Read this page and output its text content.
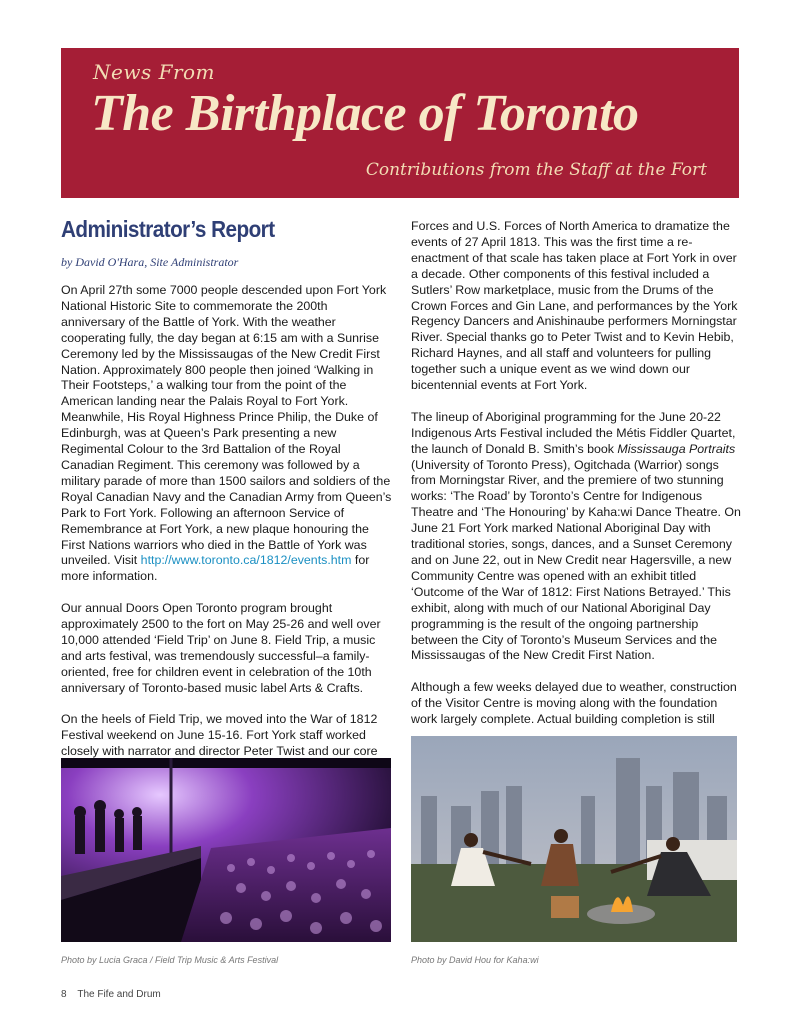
News From
The Birthplace of Toronto
Contributions from the Staff at the Fort
Administrator’s Report
by David O'Hara, Site Administrator

On April 27th some 7000 people descended upon Fort York National Historic Site to commemorate the 200th anniversary of the Battle of York. With the weather cooperating fully, the day began at 6:15 am with a Sunrise Ceremony led by the Mississaugas of the New Credit First Nation. Approximately 800 people then joined ‘Walking in Their Footsteps,’ a walking tour from the point of the American landing near the Palais Royal to Fort York. Meanwhile, His Royal Highness Prince Philip, the Duke of Edinburgh, was at Queen’s Park presenting a new Regimental Colour to the 3rd Battalion of the Royal Canadian Regiment. This ceremony was followed by a military parade of more than 1500 sailors and soldiers of the Royal Canadian Navy and the Canadian Army from Queen’s Park to Fort York. Following an afternoon Service of Remembrance at Fort York, a new plaque honouring the First Nations warriors who died in the Battle of York was unveiled. Visit http://www.toronto.ca/1812/events.htm for more information.

Our annual Doors Open Toronto program brought approximately 2500 to the fort on May 25-26 and well over 10,000 attended ‘Field Trip’ on June 8. Field Trip, a music and arts festival, was tremendously successful–a family-oriented, free for children event in celebration of the 10th anniversary of Toronto-based music label Arts & Crafts.

On the heels of Field Trip, we moved into the War of 1812 Festival weekend on June 15-16. Fort York staff worked closely with narrator and director Peter Twist and our core

Forces and U.S. Forces of North America to dramatize the events of 27 April 1813. This was the first time a re-enactment of that scale has taken place at Fort York in over a decade. Other components of this festival included a Sutlers’ Row marketplace, music from the Drums of the Crown Forces and Gin Lane, and performances by the York Regency Dancers and Anishinaube performers Morningstar River. Special thanks go to Peter Twist and to Kevin Hebib, Richard Haynes, and all staff and volunteers for pulling together such a unique event as we wind down our bicentennial events at Fort York.

The lineup of Aboriginal programming for the June 20-22 Indigenous Arts Festival included the Métis Fiddler Quartet, the launch of Donald B. Smith’s book Mississauga Portraits (University of Toronto Press), Ogitchada (Warrior) songs from Morningstar River, and the premiere of two stunning works: ‘The Road’ by Toronto’s Centre for Indigenous Theatre and ‘The Honouring’ by Kaha:wi Dance Theatre. On June 21 Fort York marked National Aboriginal Day with traditional stories, songs, dances, and a Sunset Ceremony and on June 22, out in New Credit near Hagersville, a new Community Centre was opened with an exhibit titled ‘Outcome of the War of 1812: First Nations Betrayed.’ This exhibit, along with much of our National Aboriginal Day programming is the result of the ongoing partnership between the City of Toronto’s Museum Services and the Mississaugas of the New Credit First Nation.

Although a few weeks delayed due to weather, construction of the Visitor Centre is moving along with the foundation work largely complete. Actual building completion is still

Photo by Lucia Graca / Field Trip Music & Arts Festival	Photo by David Hou for Kaha:wi
8 The Fife and Drum
